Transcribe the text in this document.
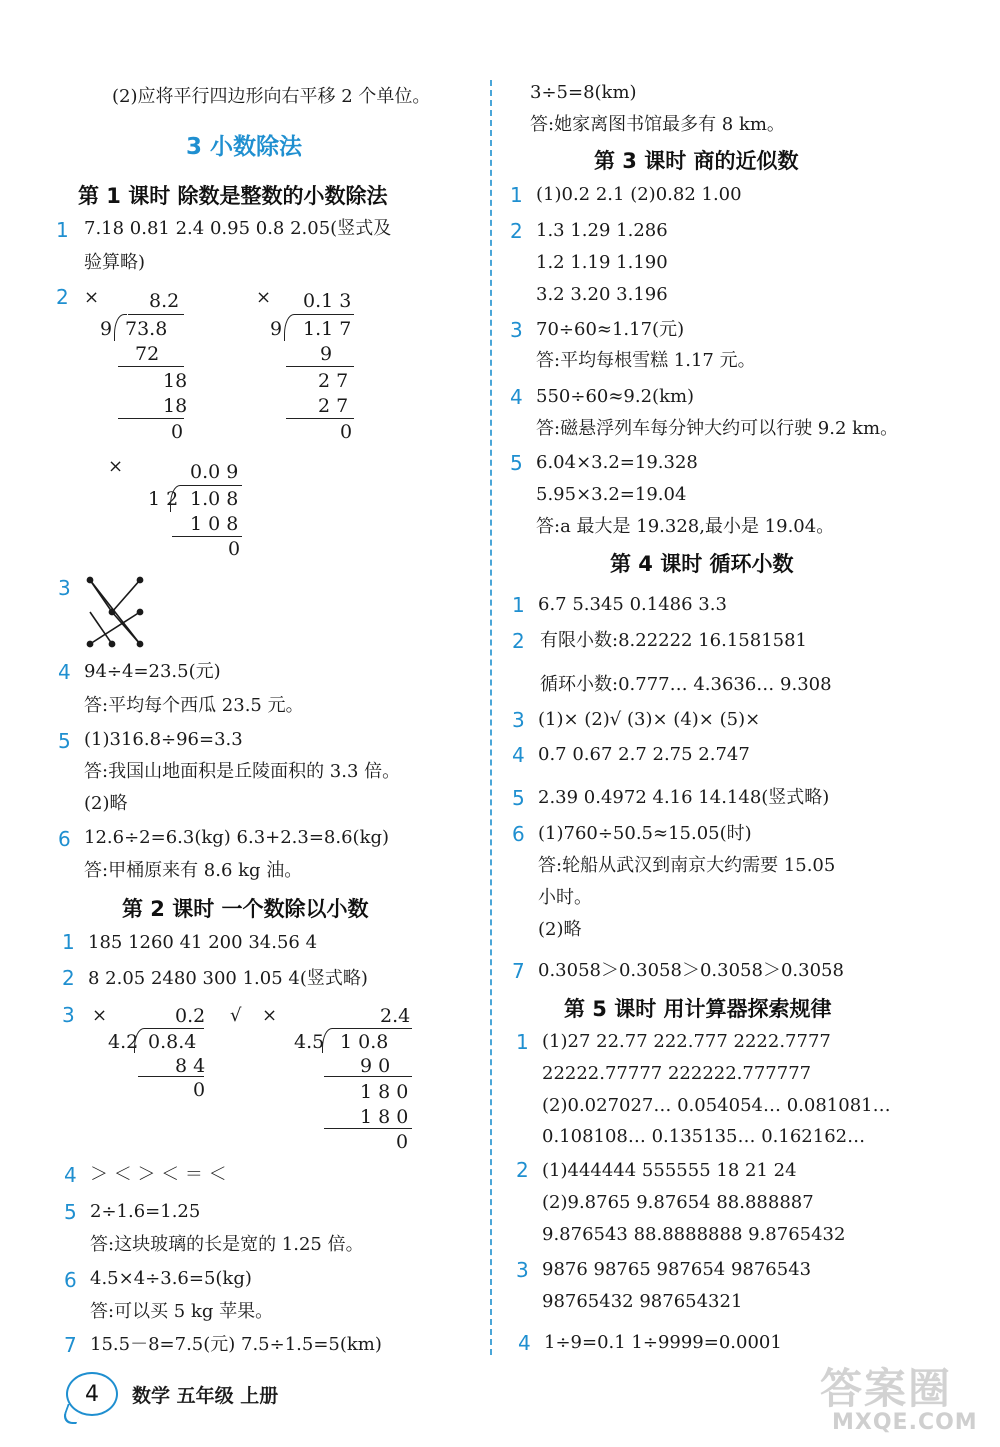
(2)应将平行四边形向右平移 2 个单位。
3 小数除法
第 1 课时 除数是整数的小数除法
1 7.18 0.81 2.4 0.95 0.8 2.05(竖式及
验算略)
2 ×	×
×
8.2
9 73.8
72
18
18
0
0.1 3
9 1.1 7
9
2 7
2 7
0
0.0 9
1 2 1.0 8
1 0 8
0
3
4 94÷4=23.5(元)
答:平均每个西瓜 23.5 元。
5 (1)316.8÷96=3.3
答:我国山地面积是丘陵面积的 3.3 倍。
(2)略
6 12.6÷2=6.3(kg) 6.3+2.3=8.6(kg)
答:甲桶原来有 8.6 kg 油。
第 2 课时 一个数除以小数
1 185 1260 41 200 34.56 4
2 8 2.05 2480 300 1.05 4(竖式略)
3 ×	√ ×
0.2
4.2 0.8.4
8 4
0
2.4
4.5 1 0.8
9 0
1 8 0
1 8 0
0
4 ＞ ＜ ＞ ＜ ＝ ＜
5 2÷1.6=1.25
答:这块玻璃的长是宽的 1.25 倍。
6 4.5×4÷3.6=5(kg)
答:可以买 5 kg 苹果。
7 15.5－8=7.5(元) 7.5÷1.5=5(km)
3÷5=8(km)
答:她家离图书馆最多有 8 km。
第 3 课时 商的近似数
1 (1)0.2 2.1 (2)0.82 1.00
2 1.3 1.29 1.286
1.2 1.19 1.190
3.2 3.20 3.196
3 70÷60≈1.17(元)
答:平均每根雪糕 1.17 元。
4 550÷60≈9.2(km)
答:磁悬浮列车每分钟大约可以行驶 9.2 km。
5 6.04×3.2=19.328
5.95×3.2=19.04
答:a 最大是 19.328,最小是 19.04。
第 4 课时 循环小数
1 6.7 5.345 0.1486 3.3
2 有限小数:8.22222 16.1581581
循环小数:0.777… 4.3636… 9.308
3 (1)× (2)√ (3)× (4)× (5)×
4 0.7 0.67 2.7 2.75 2.747
5 2.39 0.4972 4.16 14.148(竖式略)
6 (1)760÷50.5≈15.05(时)
答:轮船从武汉到南京大约需要 15.05
小时。
(2)略
7 0.3058＞0.3058＞0.3058＞0.3058
第 5 课时 用计算器探索规律
1 (1)27 22.77 222.777 2222.7777
22222.77777 222222.777777
(2)0.027027… 0.054054… 0.081081…
0.108108… 0.135135… 0.162162…
2 (1)444444 555555 18 21 24
(2)9.8765 9.87654 88.888887
9.876543 88.8888888 9.8765432
3 9876 98765 987654 9876543
98765432 987654321
4 1÷9=0.1 1÷9999=0.0001
4	数学 五年级 上册	答案圈
MXQE.COM
